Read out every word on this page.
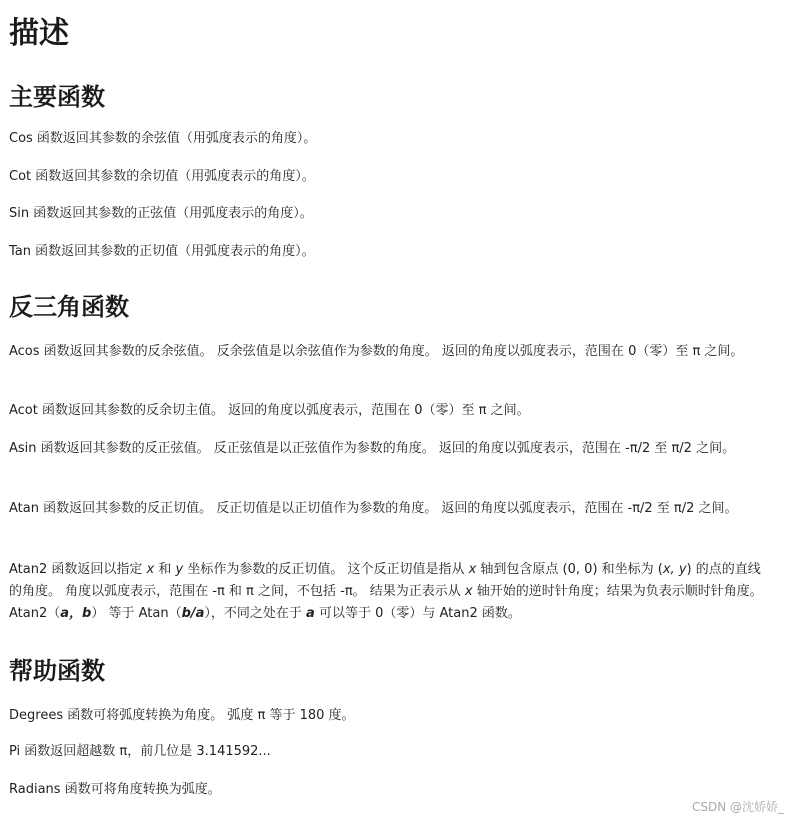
描述
主要函数

Cos 函数返回其参数的余弦值（用弧度表示的角度）。

Cot 函数返回其参数的余切值（用弧度表示的角度）。

Sin 函数返回其参数的正弦值（用弧度表示的角度）。

Tan 函数返回其参数的正切值（用弧度表示的角度）。

反三角函数

Acos 函数返回其参数的反余弦值。 反余弦值是以余弦值作为参数的角度。 返回的角度以弧度表示，范围在 0（零）至 π 之间。

Acot 函数返回其参数的反余切主值。 返回的角度以弧度表示，范围在 0（零）至 π 之间。

Asin 函数返回其参数的反正弦值。 反正弦值是以正弦值作为参数的角度。 返回的角度以弧度表示，范围在 -π/2 至 π/2 之间。

Atan 函数返回其参数的反正切值。 反正切值是以正切值作为参数的角度。 返回的角度以弧度表示，范围在 -π/2 至 π/2 之间。

Atan2 函数返回以指定 x 和 y 坐标作为参数的反正切值。 这个反正切值是指从 x 轴到包含原点 (0, 0) 和坐标为 (x, y) 的点的直线的角度。 角度以弧度表示，范围在 -π 和 π 之间，不包括 -π。 结果为正表示从 x 轴开始的逆时针角度；结果为负表示顺时针角度。 Atan2（a，b） 等于 Atan（b/a），不同之处在于 a 可以等于 0（零）与 Atan2 函数。

帮助函数

Degrees 函数可将弧度转换为角度。 弧度 π 等于 180 度。

Pi 函数返回超越数 π，前几位是 3.141592...

Radians 函数可将角度转换为弧度。

CSDN @沈娇娇_
